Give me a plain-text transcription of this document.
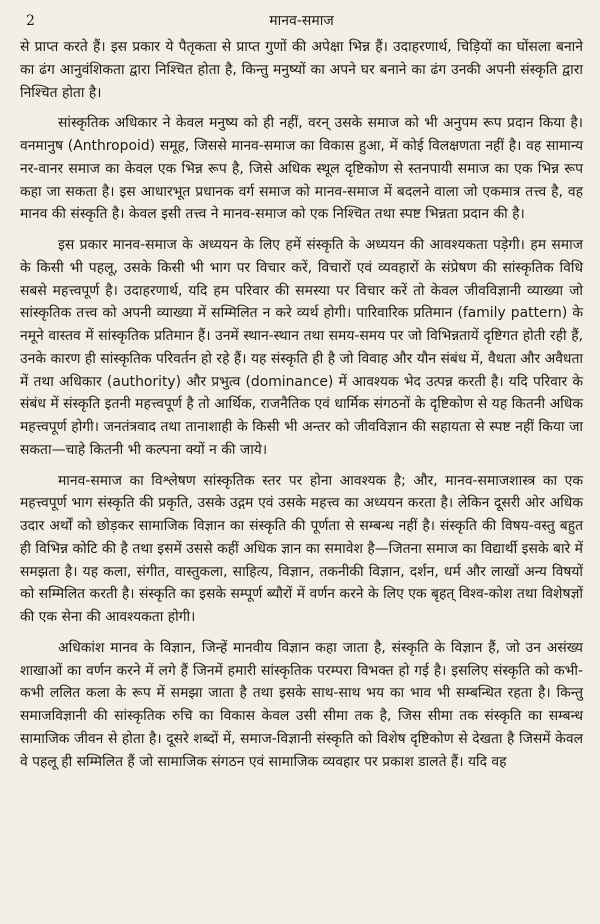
2	मानव-समाज

से प्राप्त करते हैं। इस प्रकार ये पैतृकता से प्राप्त गुणों की अपेक्षा भिन्न हैं। उदाहरणार्थ, चिड़ियों का घोंसला बनाने का ढंग आनुवंशिकता द्वारा निश्चित होता है, किन्तु मनुष्यों का अपने घर बनाने का ढंग उनकी अपनी संस्कृति द्वारा निश्चित होता है।

सांस्कृतिक अधिकार ने केवल मनुष्य को ही नहीं, वरन् उसके समाज को भी अनुपम रूप प्रदान किया है। वनमानुष (Anthropoid) समूह, जिससे मानव-समाज का विकास हुआ, में कोई विलक्षणता नहीं है। वह सामान्य नर-वानर समाज का केवल एक भिन्न रूप है, जिसे अधिक स्थूल दृष्टिकोण से स्तनपायी समाज का एक भिन्न रूप कहा जा सकता है। इस आधारभूत प्रधानक वर्ग समाज को मानव-समाज में बदलने वाला जो एकमात्र तत्त्व है, वह मानव की संस्कृति है। केवल इसी तत्त्व ने मानव-समाज को एक निश्चित तथा स्पष्ट भिन्नता प्रदान की है।

इस प्रकार मानव-समाज के अध्ययन के लिए हमें संस्कृति के अध्ययन की आवश्यकता पड़ेगी। हम समाज के किसी भी पहलू, उसके किसी भी भाग पर विचार करें, विचारों एवं व्यवहारों के संप्रेषण की सांस्कृतिक विधि सबसे महत्त्वपूर्ण है। उदाहरणार्थ, यदि हम परिवार की समस्या पर विचार करें तो केवल जीवविज्ञानी व्याख्या जो सांस्कृतिक तत्त्व को अपनी व्याख्या में सम्मिलित न करे व्यर्थ होगी। पारिवारिक प्रतिमान (family pattern) के नमूने वास्तव में सांस्कृतिक प्रतिमान हैं। उनमें स्थान-स्थान तथा समय-समय पर जो विभिन्नतायें दृष्टिगत होती रही हैं, उनके कारण ही सांस्कृतिक परिवर्तन हो रहे हैं। यह संस्कृति ही है जो विवाह और यौन संबंध में, वैधता और अवैधता में तथा अधिकार (authority) और प्रभुत्व (dominance) में आवश्यक भेद उत्पन्न करती है। यदि परिवार के संबंध में संस्कृति इतनी महत्त्वपूर्ण है तो आर्थिक, राजनैतिक एवं धार्मिक संगठनों के दृष्टिकोण से यह कितनी अधिक महत्त्वपूर्ण होगी। जनतंत्रवाद तथा तानाशाही के किसी भी अन्तर को जीवविज्ञान की सहायता से स्पष्ट नहीं किया जा सकता—चाहे कितनी भी कल्पना क्यों न की जाये।

मानव-समाज का विश्लेषण सांस्कृतिक स्तर पर होना आवश्यक है; और, मानव-समाजशास्त्र का एक महत्त्वपूर्ण भाग संस्कृति की प्रकृति, उसके उद्गम एवं उसके महत्त्व का अध्ययन करता है। लेकिन दूसरी ओर अधिक उदार अर्थों को छोड़कर सामाजिक विज्ञान का संस्कृति की पूर्णता से सम्बन्ध नहीं है। संस्कृति की विषय-वस्तु बहुत ही विभिन्न कोटि की है तथा इसमें उससे कहीं अधिक ज्ञान का समावेश है—जितना समाज का विद्यार्थी इसके बारे में समझता है। यह कला, संगीत, वास्तुकला, साहित्य, विज्ञान, तकनीकी विज्ञान, दर्शन, धर्म और लाखों अन्य विषयों को सम्मिलित करती है। संस्कृति का इसके सम्पूर्ण ब्यौरों में वर्णन करने के लिए एक बृहत् विश्व-कोश तथा विशेषज्ञों की एक सेना की आवश्यकता होगी।

अधिकांश मानव के विज्ञान, जिन्हें मानवीय विज्ञान कहा जाता है, संस्कृति के विज्ञान हैं, जो उन असंख्य शाखाओं का वर्णन करने में लगे हैं जिनमें हमारी सांस्कृतिक परम्परा विभक्त हो गई है। इसलिए संस्कृति को कभी-कभी ललित कला के रूप में समझा जाता है तथा इसके साथ-साथ भय का भाव भी सम्बन्धित रहता है। किन्तु समाजविज्ञानी की सांस्कृतिक रुचि का विकास केवल उसी सीमा तक है, जिस सीमा तक संस्कृति का सम्बन्ध सामाजिक जीवन से होता है। दूसरे शब्दों में, समाज-विज्ञानी संस्कृति को विशेष दृष्टिकोण से देखता है जिसमें केवल वे पहलू ही सम्मिलित हैं जो सामाजिक संगठन एवं सामाजिक व्यवहार पर प्रकाश डालते हैं। यदि वह
